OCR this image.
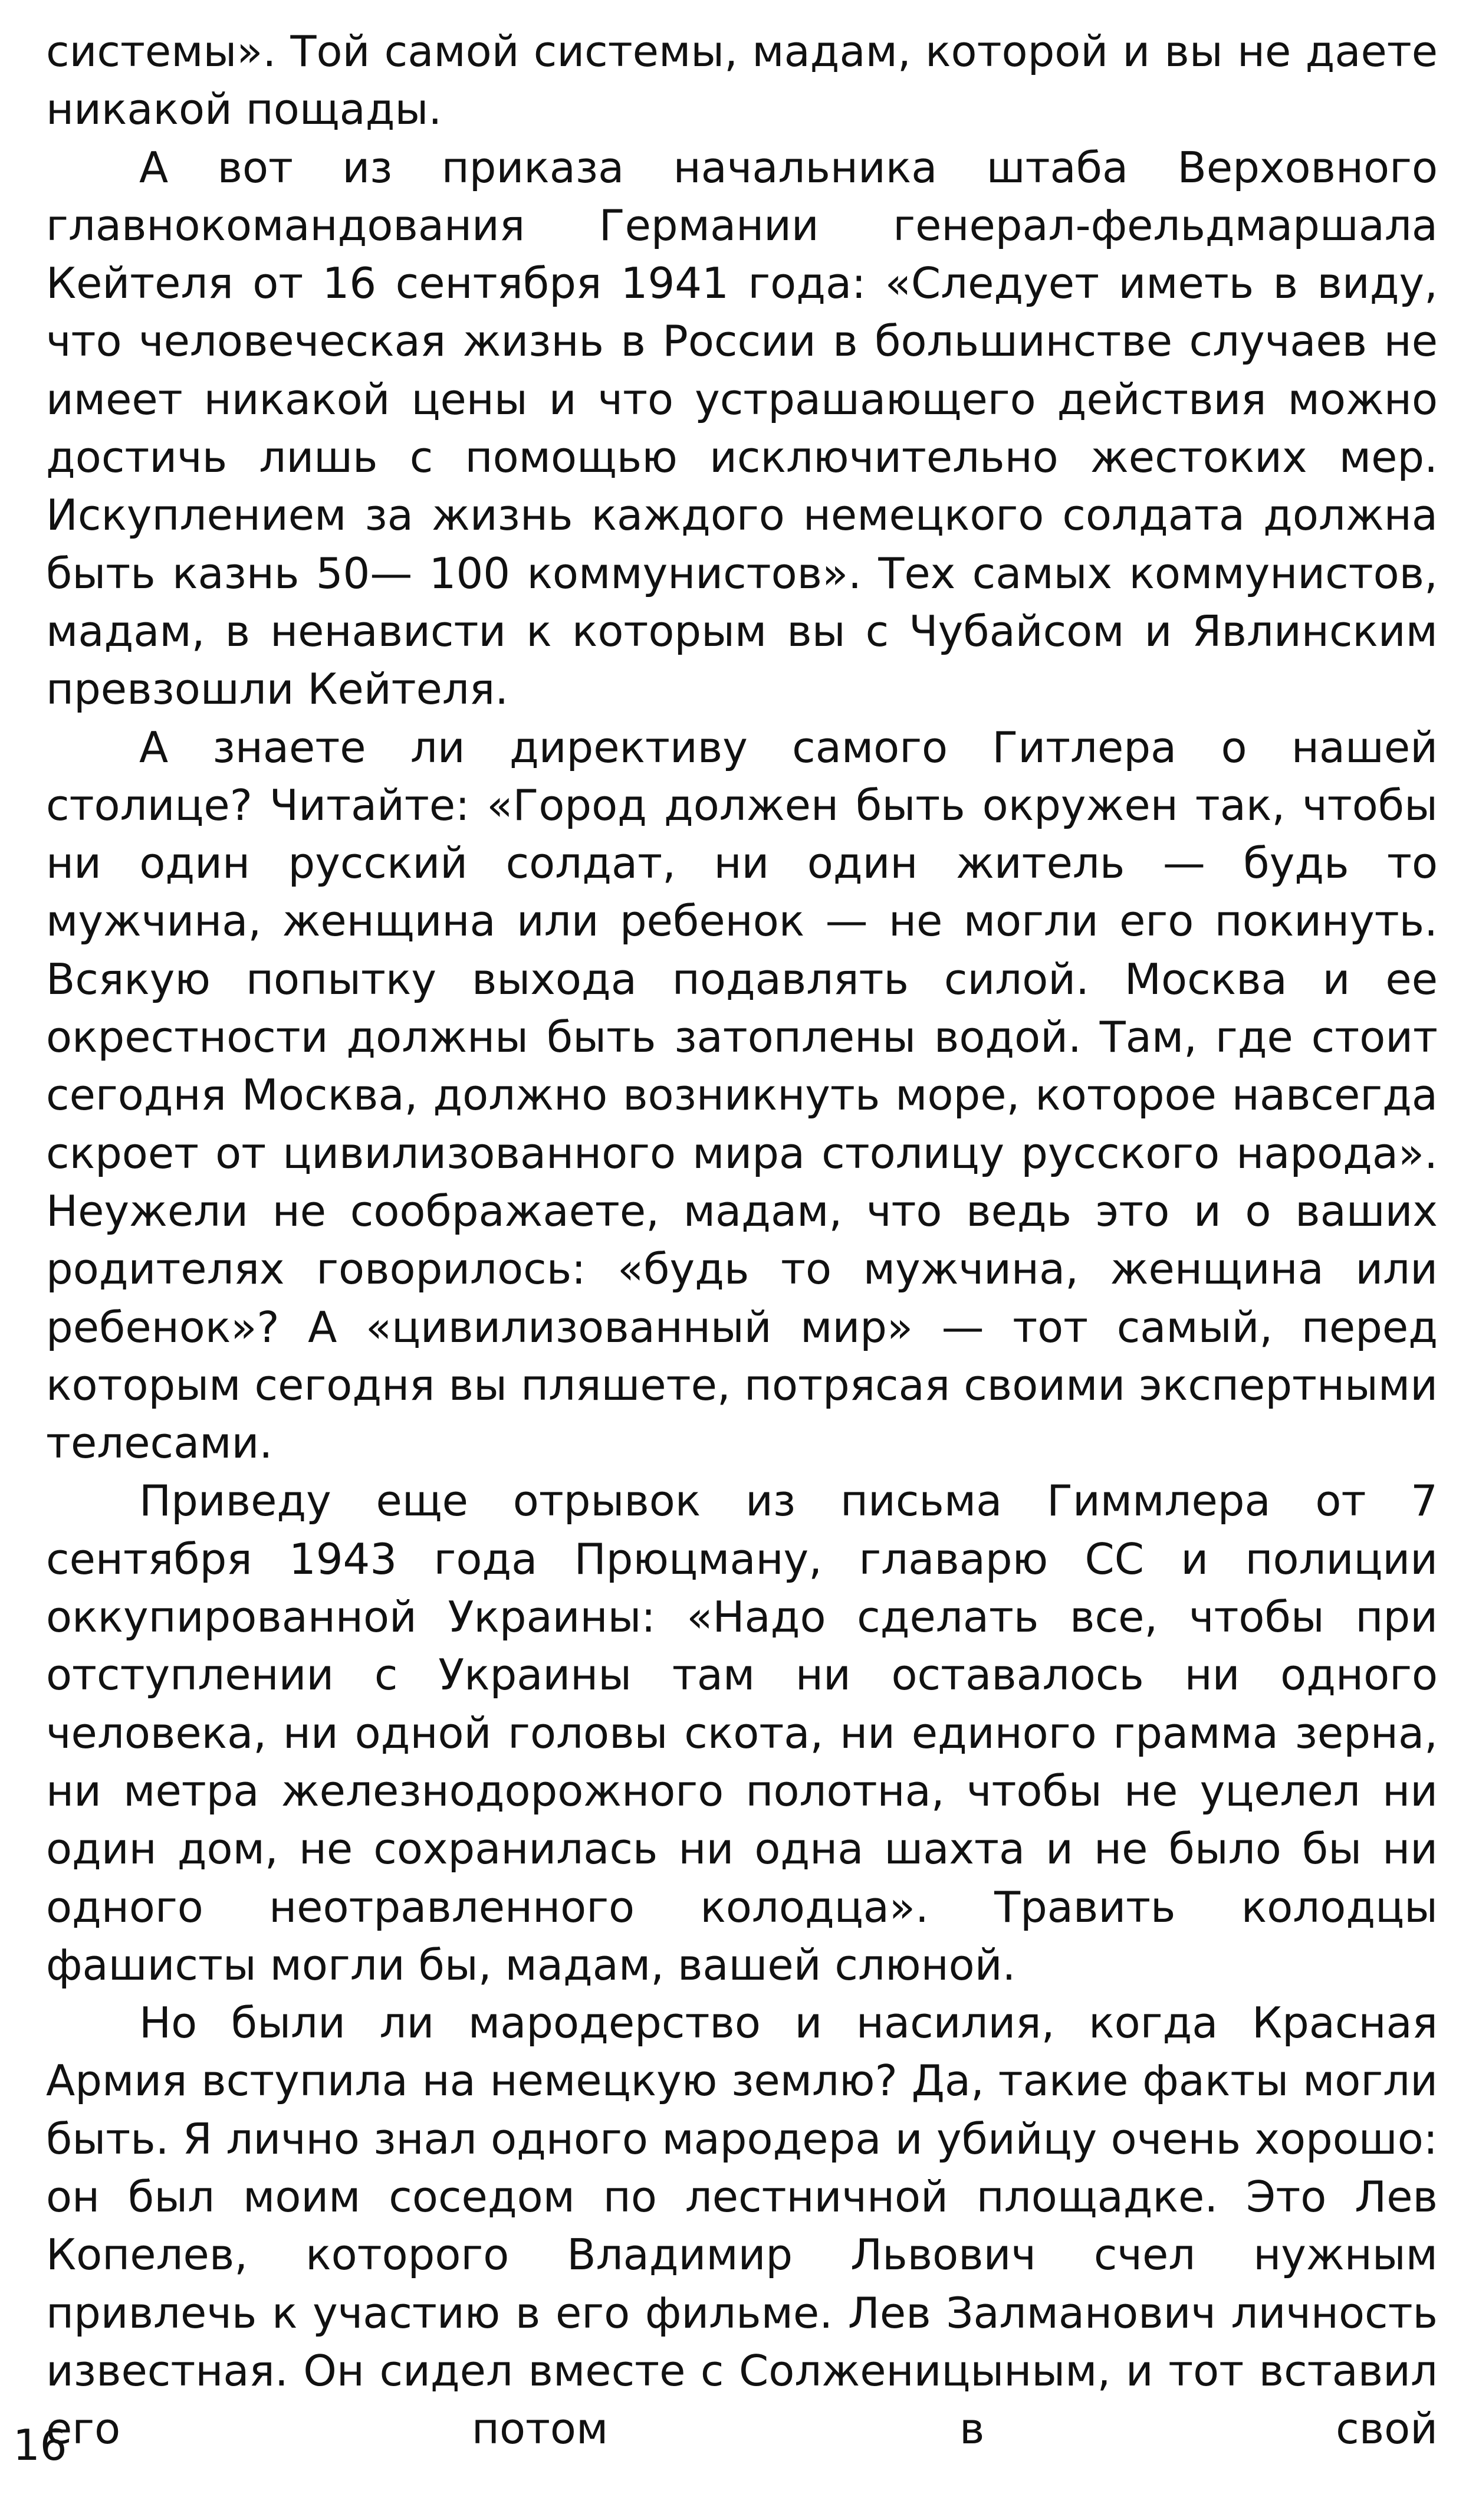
системы». Той самой системы, мадам, которой и вы не даете никакой пощады.

А вот из приказа начальника штаба Верховного главнокомандования Германии генерал-фельдмаршала Кейтеля от 16 сентября 1941 года: «Следует иметь в виду, что человеческая жизнь в России в большинстве случаев не имеет никакой цены и что устрашающего действия можно достичь лишь с помощью исключительно жестоких мер. Искуплением за жизнь каждого немецкого солдата должна быть казнь 50— 100 коммунистов». Тех самых коммунистов, мадам, в ненависти к которым вы с Чубайсом и Явлинским превзошли Кейтеля.

А знаете ли директиву самого Гитлера о нашей столице? Читайте: «Город должен быть окружен так, чтобы ни один русский солдат, ни один житель — будь то мужчина, женщина или ребенок — не могли его покинуть. Всякую попытку выхода подавлять силой. Москва и ее окрестности должны быть затоплены водой. Там, где стоит сегодня Москва, должно возникнуть море, которое навсегда скроет от цивилизованного мира столицу русского народа». Неужели не соображаете, мадам, что ведь это и о ваших родителях говорилось: «будь то мужчина, женщина или ребенок»? А «цивилизованный мир» — тот самый, перед которым сегодня вы пляшете, потрясая своими экспертными телесами.

Приведу еще отрывок из письма Гиммлера от 7 сентября 1943 года Прюцману, главарю СС и полиции оккупированной Украины: «Надо сделать все, чтобы при отступлении с Украины там ни оставалось ни одного человека, ни одной головы скота, ни единого грамма зерна, ни метра железнодорожного полотна, чтобы не уцелел ни один дом, не сохранилась ни одна шахта и не было бы ни одного неотравленного колодца». Травить колодцы фашисты могли бы, мадам, вашей слюной.

Но были ли мародерство и насилия, когда Красная Армия вступила на немецкую землю? Да, такие факты могли быть. Я лично знал одного мародера и убийцу очень хорошо: он был моим соседом по лестничной площадке. Это Лев Копелев, которого Владимир Львович счел нужным привлечь к участию в его фильме. Лев Залманович личность известная. Он сидел вместе с Солженицыным, и тот вставил его потом в свой

16
